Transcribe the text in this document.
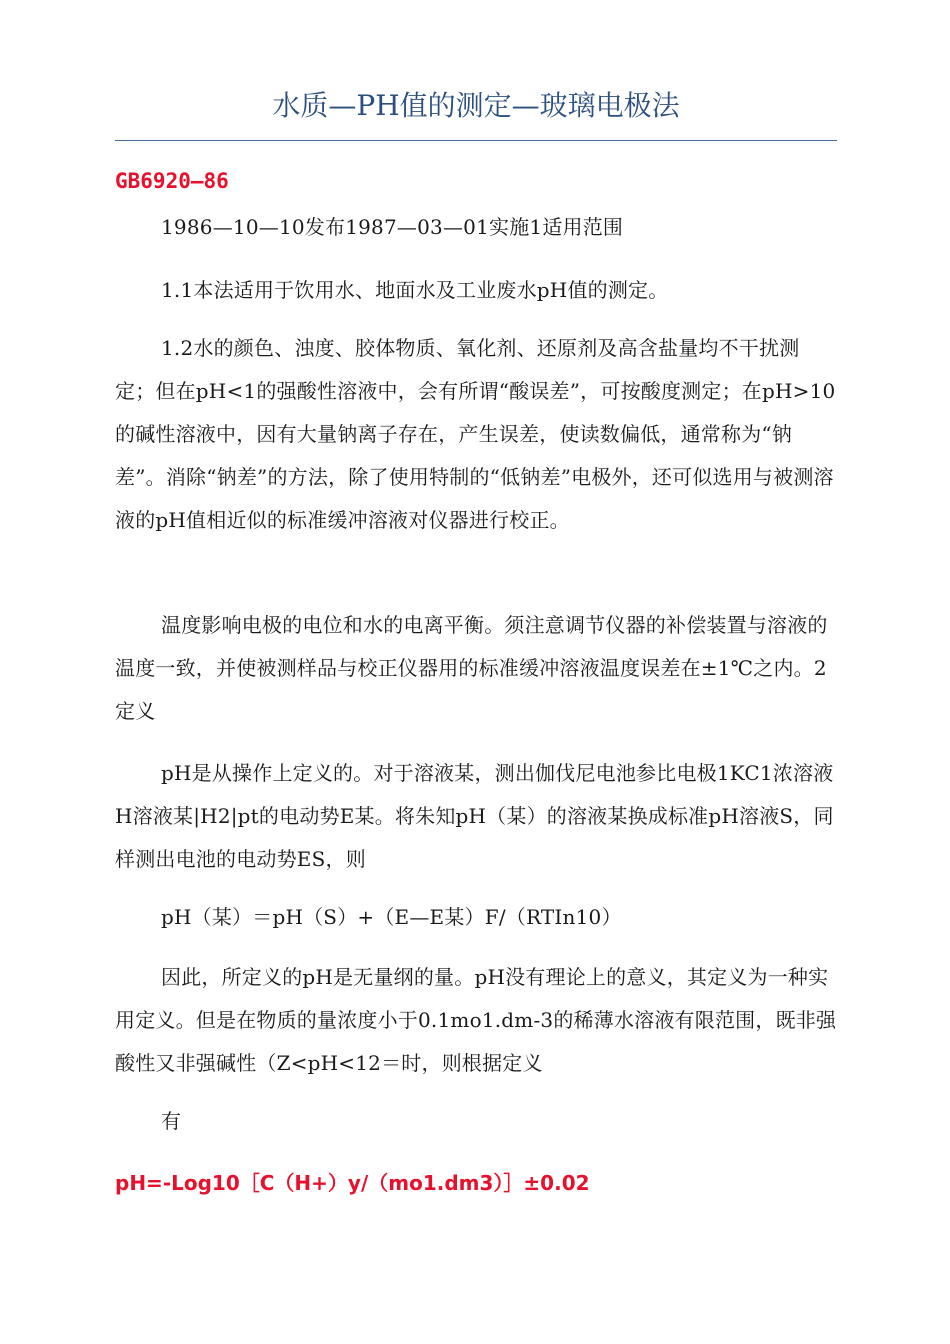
水质—PH值的测定—玻璃电极法

GB6920—86

1986—10—10发布1987—03—01实施1适用范围

1.1本法适用于饮用水、地面水及工业废水pH值的测定。

1.2水的颜色、浊度、胶体物质、氧化剂、还原剂及高含盐量均不干扰测定；但在pH<1的强酸性溶液中，会有所谓“酸误差”，可按酸度测定；在pH>10的碱性溶液中，因有大量钠离子存在，产生误差，使读数偏低，通常称为“钠差”。消除“钠差”的方法，除了使用特制的“低钠差”电极外，还可似选用与被测溶液的pH值相近似的标准缓冲溶液对仪器进行校正。

温度影响电极的电位和水的电离平衡。须注意调节仪器的补偿装置与溶液的温度一致，并使被测样品与校正仪器用的标准缓冲溶液温度误差在±1℃之内。2定义

pH是从操作上定义的。对于溶液某，测出伽伐尼电池参比电极1KC1浓溶液H溶液某|H2|pt的电动势E某。将朱知pH（某）的溶液某换成标准pH溶液S，同样测出电池的电动势ES，则

pH（某）＝pH（S）+（E—E某）F/（RTIn10）

因此，所定义的pH是无量纲的量。pH没有理论上的意义，其定义为一种实用定义。但是在物质的量浓度小于0.1mo1.dm-3的稀薄水溶液有限范围，既非强酸性又非强碱性（Z<pH<12＝时，则根据定义

有

pH=-Log10［C（H+）y/（mo1.dm3）］±0.02
